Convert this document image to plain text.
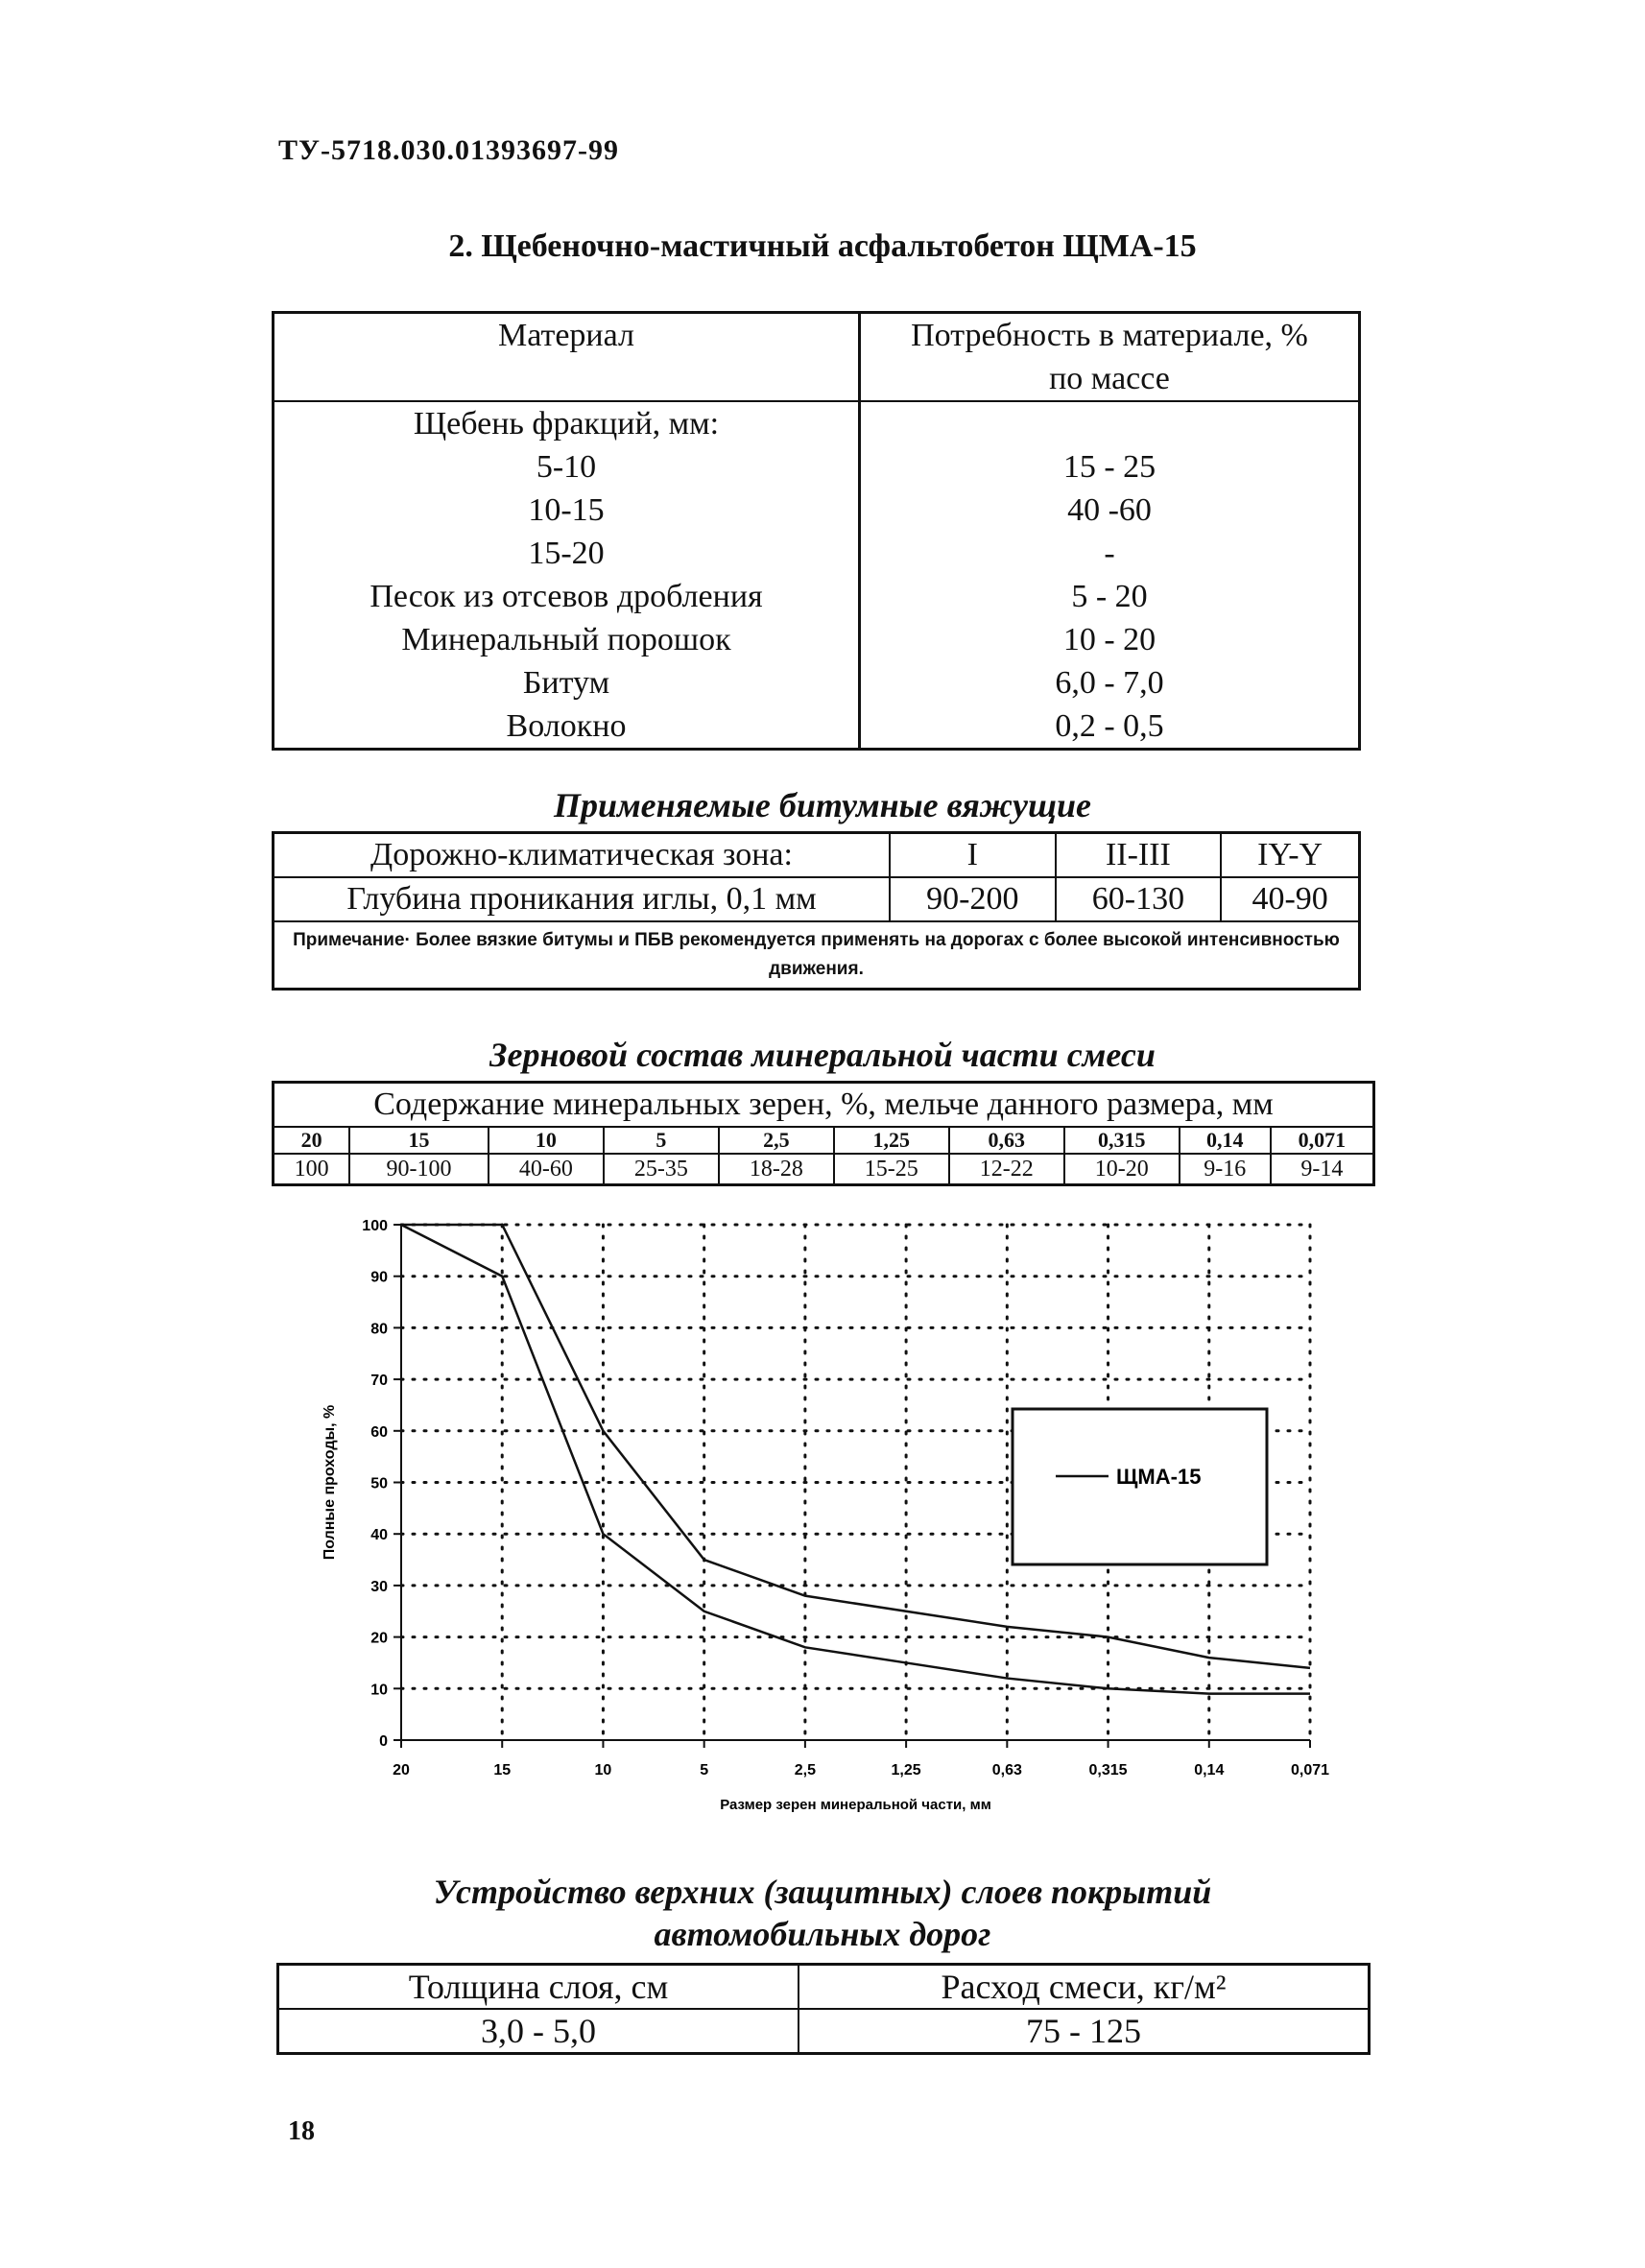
ТУ-5718.030.01393697-99
2. Щебеночно-мастичный асфальтобетон ЩМА-15
Материал	Потребность в материале, %
по массе
Щебень фракций, мм:	
5-10	15 - 25
10-15	40 -60
15-20	-
Песок из отсевов дробления	5 - 20
Минеральный порошок	10 - 20
Битум	6,0 - 7,0
Волокно	0,2 - 0,5
Применяемые битумные вяжущие
Дорожно-климатическая зона:	I	II-III	IY-Y
Глубина проникания иглы, 0,1 мм	90-200	60-130	40-90
Примечание· Более вязкие битумы и ПБВ рекомендуется применять на дорогах с более высокой интенсивностью движения.			
Зерновой состав минеральной части смеси
Содержание минеральных зерен, %, мельче данного размера, мм									
20	15	10	5	2,5	1,25	0,63	0,315	0,14	0,071
100	90-100	40-60	25-35	18-28	15-25	12-22	10-20	9-16	9-14
0
10
20
30
40
50
60
70
80
90
100
20	15	10	5	2,5	1,25	0,63	0,315	0,14	0,071
Размер зерен минеральной части, мм
Полные проходы, %	ЩМА-15
Устройство верхних (защитных) слоев покрытий
автомобильных дорог
Толщина слоя, см	Расход смеси, кг/м²
3,0 - 5,0	75 - 125
18
